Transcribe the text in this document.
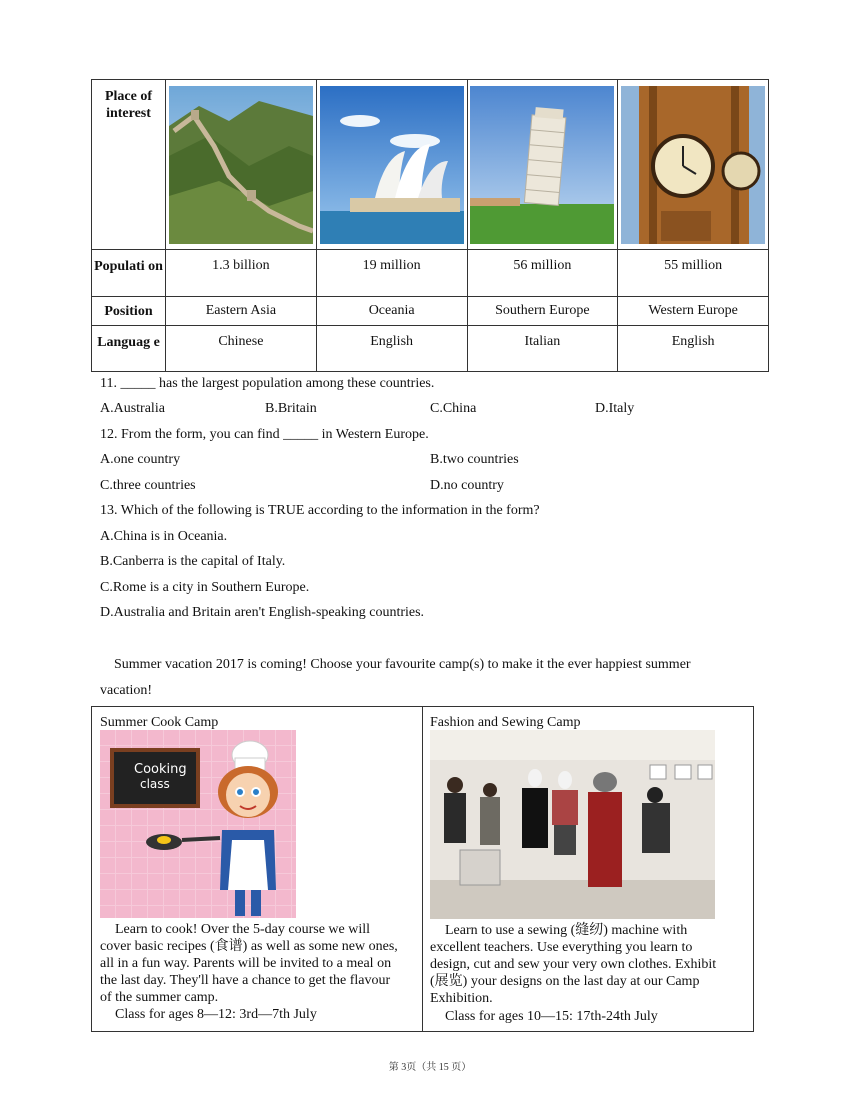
Place of interest	

Populati on	1.3 billion	19 million	56 million	55 million
Position	Eastern Asia	Oceania	Southern Europe	Western Europe
Languag e	Chinese	English	Italian	English
11. _____ has the largest population among these countries.
A.Australia	B.Britain	C.China	D.Italy
12. From the form, you can find _____ in Western Europe.
A.one country	B.two countries
C.three countries	D.no country
13. Which of the following is TRUE according to the information in the form?
A.China is in Oceania.
B.Canberra is the capital of Italy.
C.Rome is a city in Southern Europe.
D.Australia and Britain aren't English-speaking countries.
Summer vacation 2017 is coming! Choose your favourite camp(s) to make it the ever happiest summer
vacation!
Summer Cook Camp
Cooking
class
Learn to cook! Over the 5-day course we will
cover basic recipes (食谱) as well as some new ones,
all in a fun way. Parents will be invited to a meal on
the last day. They'll have a chance to get the flavour
of the summer camp.
Class for ages 8—12: 3rd—7th July

Fashion and Sewing Camp
Learn to use a sewing (缝纫) machine with
excellent teachers. Use everything you learn to
design, cut and sew your very own clothes. Exhibit
(展览) your designs on the last day at our Camp
Exhibition.
Class for ages 10—15: 17th-24th July
第 3页（共 15 页）
